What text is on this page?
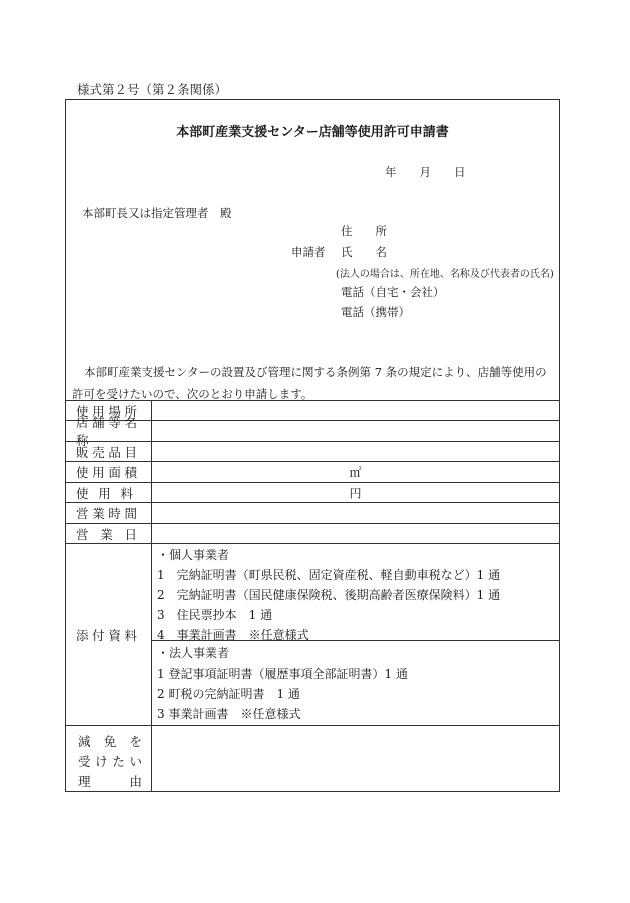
様式第２号（第２条関係）
本部町産業支援センター店舗等使用許可申請書
年　　月　　日
本部町長又は指定管理者　殿
住　　所
申請者 氏　　名
(法人の場合は、所在地、名称及び代表者の氏名)
電話（自宅・会社）
電話（携帯）

本部町産業支援センターの設置及び管理に関する条例第 7 条の規定により、店舗等使用の

許可を受けたいので、次のとおり申請します。

使用場所
店舗等名称
販売品目
使用面積	㎡
使用料	円
営業時間
営業日
添付資料
・個人事業者
1　完納証明書（町県民税、固定資産税、軽自動車税など）1 通
2　完納証明書（国民健康保険税、後期高齢者医療保険料）1 通
3　住民票抄本　1 通
4　事業計画書　※任意様式
・法人事業者
1 登記事項証明書（履歴事項全部証明書）1 通
2 町税の完納証明書　1 通
3 事業計画書　※任意様式
減免を
受けたい
理由
